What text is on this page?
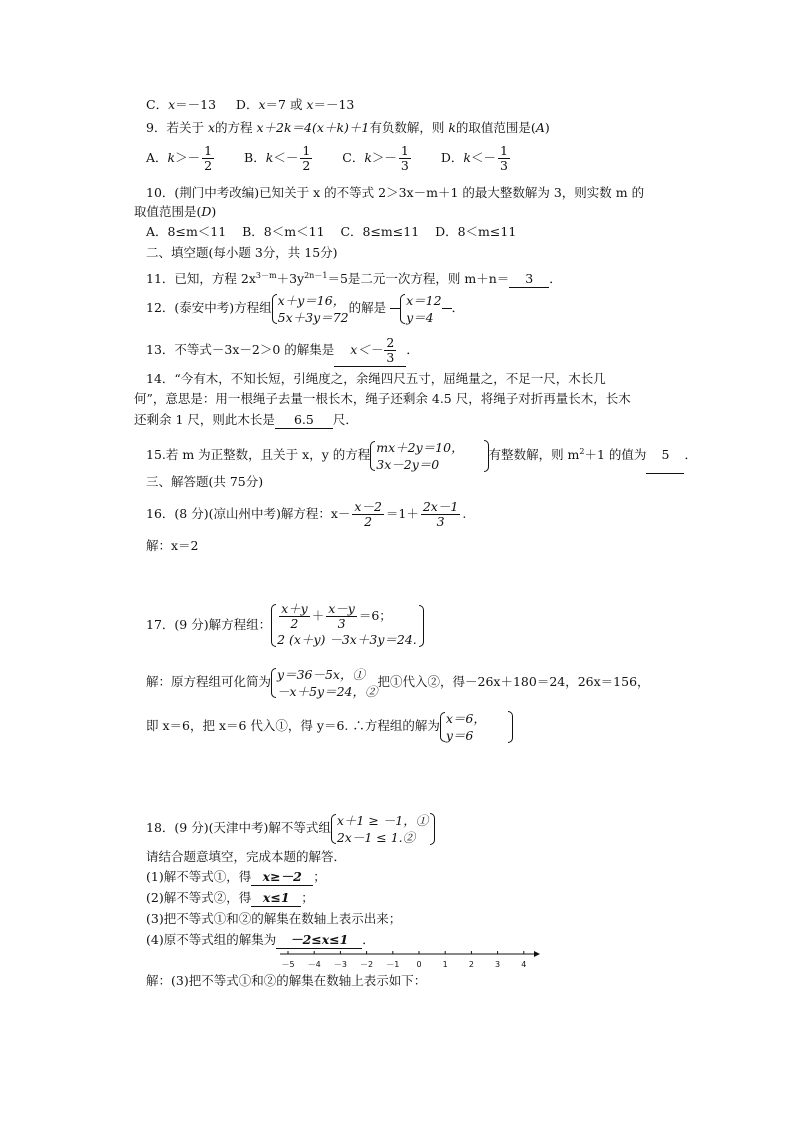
C．x＝－13 D．x＝7 或 x＝－13
9．若关于 x的方程 x＋2k＝4(x＋k)＋1有负数解，则 k的取值范围是(A)
A．$k>- \frac{1}{2}$ B．$k<- \frac{1}{2}$ C．$k>- \frac{1}{3}$ D．$k<- \frac{1}{3}$
10．(荆门中考改编)已知关于 x 的不等式 2＞3x－m＋1 的最大整数解为 3，则实数 m 的
取值范围是(D)
A．8≤m＜11 B．8＜m＜11 C．8≤m≤11 D．8＜m≤11
二、填空题(每小题 3分，共 15分)
11．已知，方程 $2x^{3-m}+3y^{2n-1}=5$是二元一次方程，则 m＋n＝ 3 ．
12．(泰安中考)方程组 x＋y＝16，
5x＋3y＝72
的解是 x＝12
y＝4
．
13．不等式－3x－2＞0 的解集是 $x<- \frac{2}{3}$ ．
14．“今有木，不知长短，引绳度之，余绳四尺五寸，屈绳量之，不足一尺，木长几
何”，意思是：用一根绳子去量一根长木，绳子还剩余 4.5 尺，将绳子对折再量长木，长木
还剩余 1 尺，则此木长是 6.5 尺．
15.若 m 为正整数，且关于 x，y 的方程 mx＋2y＝10，
3x－2y＝0
有整数解，则 $m^2+1$ 的值为 5 ．
三、解答题(共 75分)
16．(8 分)(凉山州中考)解方程：$x- \frac{x-2}{2} =1+ \frac{2x-1}{3}$ .
解：x＝2
17．(9 分)解方程组： $\frac{x+y}{2} + \frac{x-y}{3} =6$；
2 (x＋y) －3x＋3y＝24.
解：原方程组可化简为 y＝36－5x，①
－x＋5y＝24，②
把①代入②，得－26x＋180＝24，26x＝156，
即 x＝6，把 x＝6 代入①，得 y＝6. ∴方程组的解为 x＝6，
y＝6
18．(9 分)(天津中考)解不等式组 x＋1 ≥ －1，①
2x－1 ≤ 1.②
请结合题意填空，完成本题的解答．
(1)解不等式①，得 x≥－2 ；
(2)解不等式②，得 x≤1 ；
(3)把不等式①和②的解集在数轴上表示出来；
(4)原不等式组的解集为 －2≤x≤1 ．
－5 －4 －3 －2 －1 0	1	2	3	4
解：(3)把不等式①和②的解集在数轴上表示如下：
